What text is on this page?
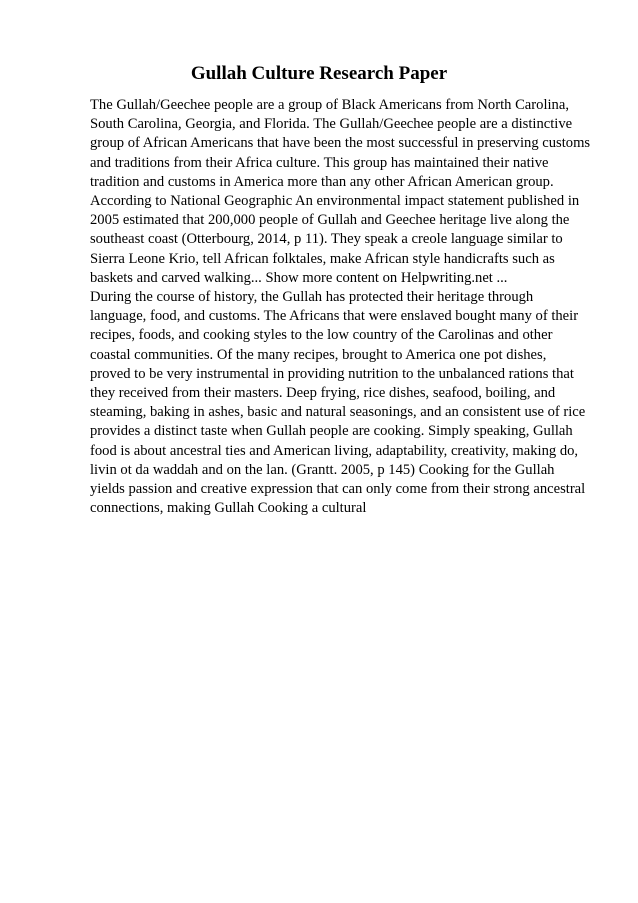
Gullah Culture Research Paper

The Gullah/Geechee people are a group of Black Americans from North Carolina,
South Carolina, Georgia, and Florida. The Gullah/Geechee people are a distinctive
group of African Americans that have been the most successful in preserving customs
and traditions from their Africa culture. This group has maintained their native
tradition and customs in America more than any other African American group.
According to National Geographic An environmental impact statement published in
2005 estimated that 200,000 people of Gullah and Geechee heritage live along the
southeast coast (Otterbourg, 2014, p 11). They speak a creole language similar to
Sierra Leone Krio, tell African folktales, make African style handicrafts such as
baskets and carved walking... Show more content on Helpwriting.net ...

During the course of history, the Gullah has protected their heritage through
language, food, and customs. The Africans that were enslaved bought many of their
recipes, foods, and cooking styles to the low country of the Carolinas and other
coastal communities. Of the many recipes, brought to America one pot dishes,
proved to be very instrumental in providing nutrition to the unbalanced rations that
they received from their masters. Deep frying, rice dishes, seafood, boiling, and
steaming, baking in ashes, basic and natural seasonings, and an consistent use of rice
provides a distinct taste when Gullah people are cooking. Simply speaking, Gullah
food is about ancestral ties and American living, adaptability, creativity, making do,
livin ot da waddah and on the lan. (Grantt. 2005, p 145) Cooking for the Gullah
yields passion and creative expression that can only come from their strong ancestral
connections, making Gullah Cooking a cultural
